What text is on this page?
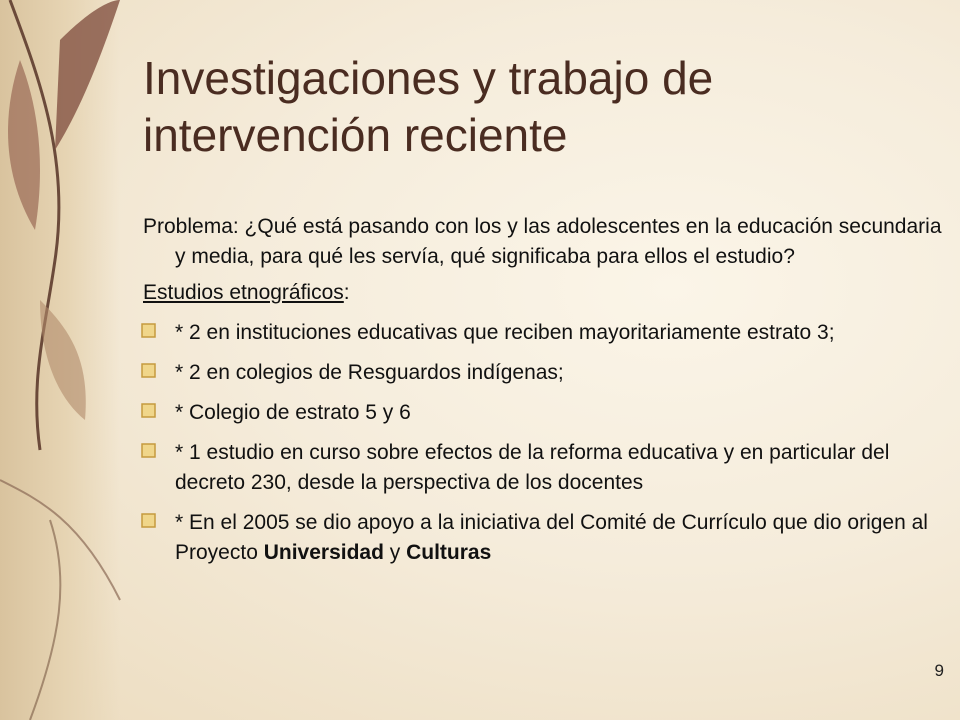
Investigaciones y trabajo de intervención reciente

Problema: ¿Qué está pasando con los y las adolescentes en la educación secundaria y media, para qué les servía, qué significaba para ellos el estudio?

Estudios etnográficos:

* 2 en instituciones educativas que reciben mayoritariamente estrato 3;
* 2 en colegios de Resguardos indígenas;
* Colegio de estrato 5 y 6
* 1 estudio en curso sobre efectos de la reforma educativa y en particular del decreto 230, desde la perspectiva de los docentes
* En el 2005 se dio apoyo a la iniciativa del Comité de Currículo que dio origen al Proyecto Universidad y Culturas
9
